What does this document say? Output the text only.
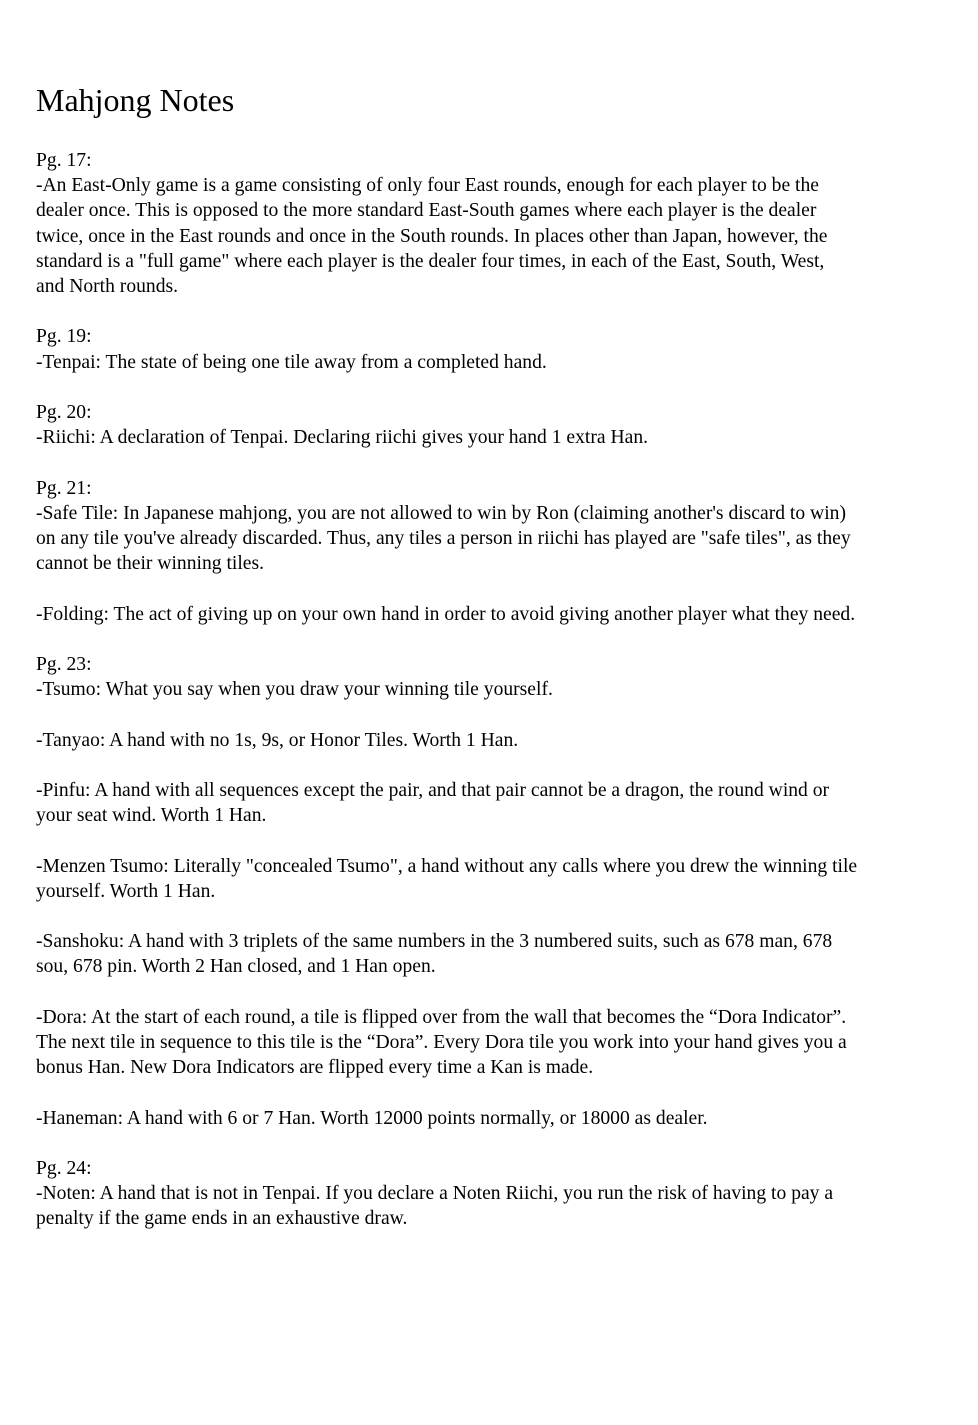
Mahjong Notes
Pg. 17:
-An East-Only game is a game consisting of only four East rounds, enough for each player to be the
dealer once. This is opposed to the more standard East-South games where each player is the dealer
twice, once in the East rounds and once in the South rounds. In places other than Japan, however, the
standard is a "full game" where each player is the dealer four times, in each of the East, South, West,
and North rounds.
Pg. 19:
-Tenpai: The state of being one tile away from a completed hand.
Pg. 20:
-Riichi: A declaration of Tenpai. Declaring riichi gives your hand 1 extra Han.
Pg. 21:
-Safe Tile: In Japanese mahjong, you are not allowed to win by Ron (claiming another's discard to win)
on any tile you've already discarded. Thus, any tiles a person in riichi has played are "safe tiles", as they
cannot be their winning tiles.
-Folding: The act of giving up on your own hand in order to avoid giving another player what they need.
Pg. 23:
-Tsumo: What you say when you draw your winning tile yourself.
-Tanyao: A hand with no 1s, 9s, or Honor Tiles. Worth 1 Han.
-Pinfu: A hand with all sequences except the pair, and that pair cannot be a dragon, the round wind or
your seat wind. Worth 1 Han.
-Menzen Tsumo: Literally "concealed Tsumo", a hand without any calls where you drew the winning tile
yourself. Worth 1 Han.
-Sanshoku: A hand with 3 triplets of the same numbers in the 3 numbered suits, such as 678 man, 678
sou, 678 pin. Worth 2 Han closed, and 1 Han open.
-Dora: At the start of each round, a tile is flipped over from the wall that becomes the “Dora Indicator”.
The next tile in sequence to this tile is the “Dora”. Every Dora tile you work into your hand gives you a
bonus Han. New Dora Indicators are flipped every time a Kan is made.
-Haneman: A hand with 6 or 7 Han. Worth 12000 points normally, or 18000 as dealer.
Pg. 24:
-Noten: A hand that is not in Tenpai. If you declare a Noten Riichi, you run the risk of having to pay a
penalty if the game ends in an exhaustive draw.
